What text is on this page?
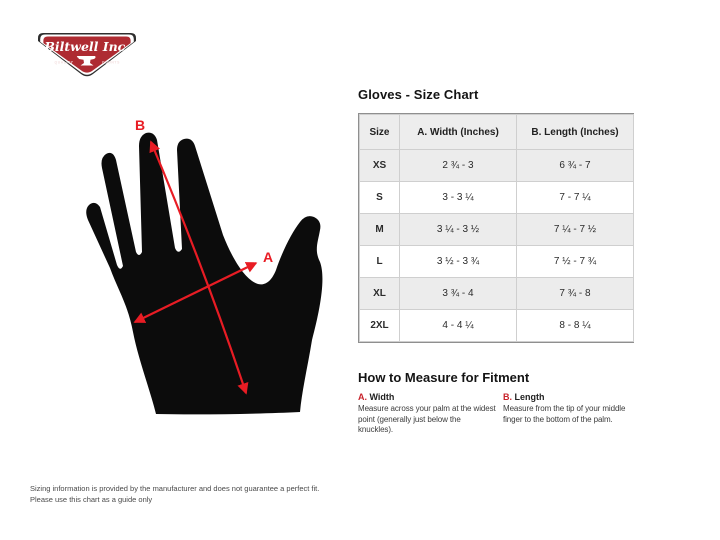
Biltwell Inc.
QUALITY	COUNTS
B
A
Gloves - Size Chart
Size	A. Width (Inches)	B. Length (Inches)
XS	2 ¾ - 3	6 ¾ - 7
S	3 - 3 ¼	7 - 7 ¼
M	3 ¼ - 3 ½	7 ¼ - 7 ½
L	3 ½ - 3 ¾	7 ½ - 7 ¾
XL	3 ¾ - 4	7 ¾ - 8
2XL	4 - 4 ¼	8 - 8 ¼
How to Measure for Fitment

A. Width

Measure across your palm at the widest point (generally just below the knuckles).

B. Length

Measure from the tip of your middle finger to the bottom of the palm.

Sizing information is provided by the manufacturer and does not guarantee a perfect fit.
Please use this chart as a guide only
